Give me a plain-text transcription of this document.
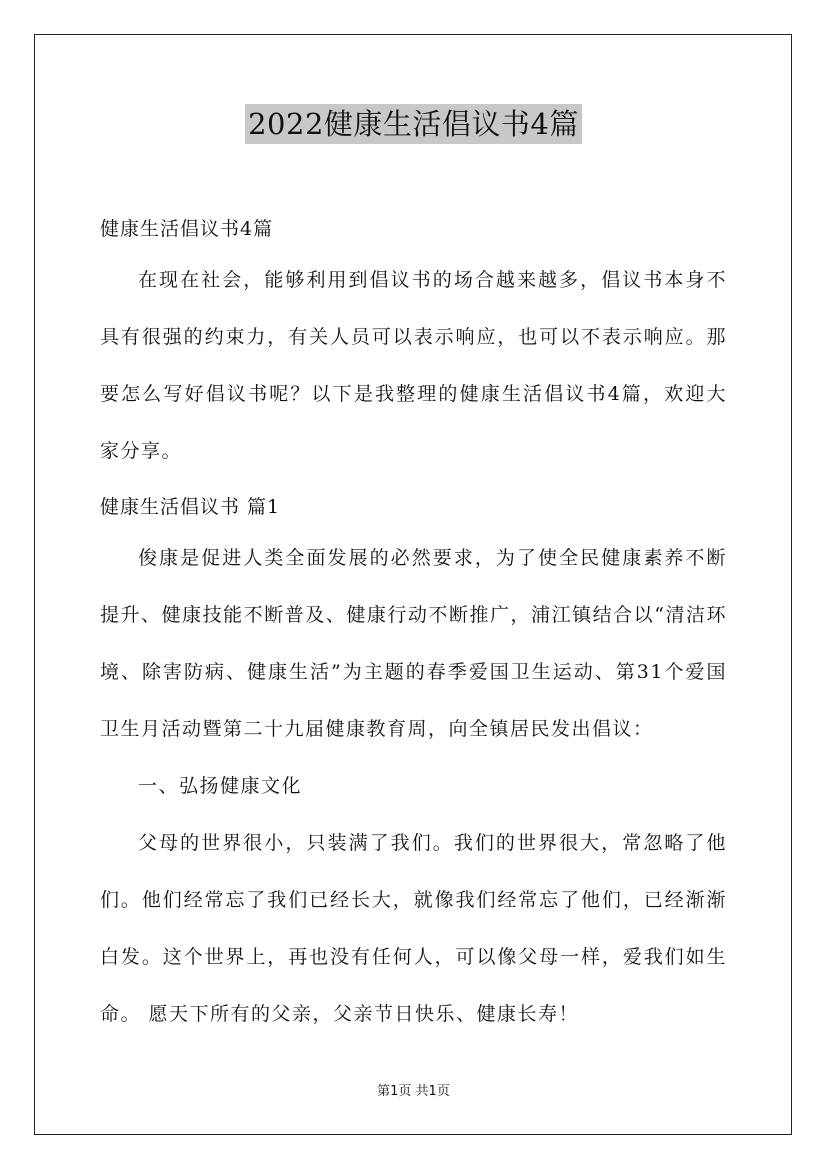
2022健康生活倡议书4篇
健康生活倡议书4篇

在现在社会，能够利用到倡议书的场合越来越多，倡议书本身不具有很强的约束力，有关人员可以表示响应，也可以不表示响应。那要怎么写好倡议书呢？以下是我整理的健康生活倡议书4篇，欢迎大家分享。

健康生活倡议书 篇1

俊康是促进人类全面发展的必然要求，为了使全民健康素养不断提升、健康技能不断普及、健康行动不断推广，浦江镇结合以“清洁环境、除害防病、健康生活”为主题的春季爱国卫生运动、第31个爱国卫生月活动暨第二十九届健康教育周，向全镇居民发出倡议：

一、弘扬健康文化

父母的世界很小，只装满了我们。我们的世界很大，常忽略了他们。他们经常忘了我们已经长大，就像我们经常忘了他们，已经渐渐白发。这个世界上，再也没有任何人，可以像父母一样，爱我们如生命。 愿天下所有的父亲，父亲节日快乐、健康长寿！

第1页 共1页
